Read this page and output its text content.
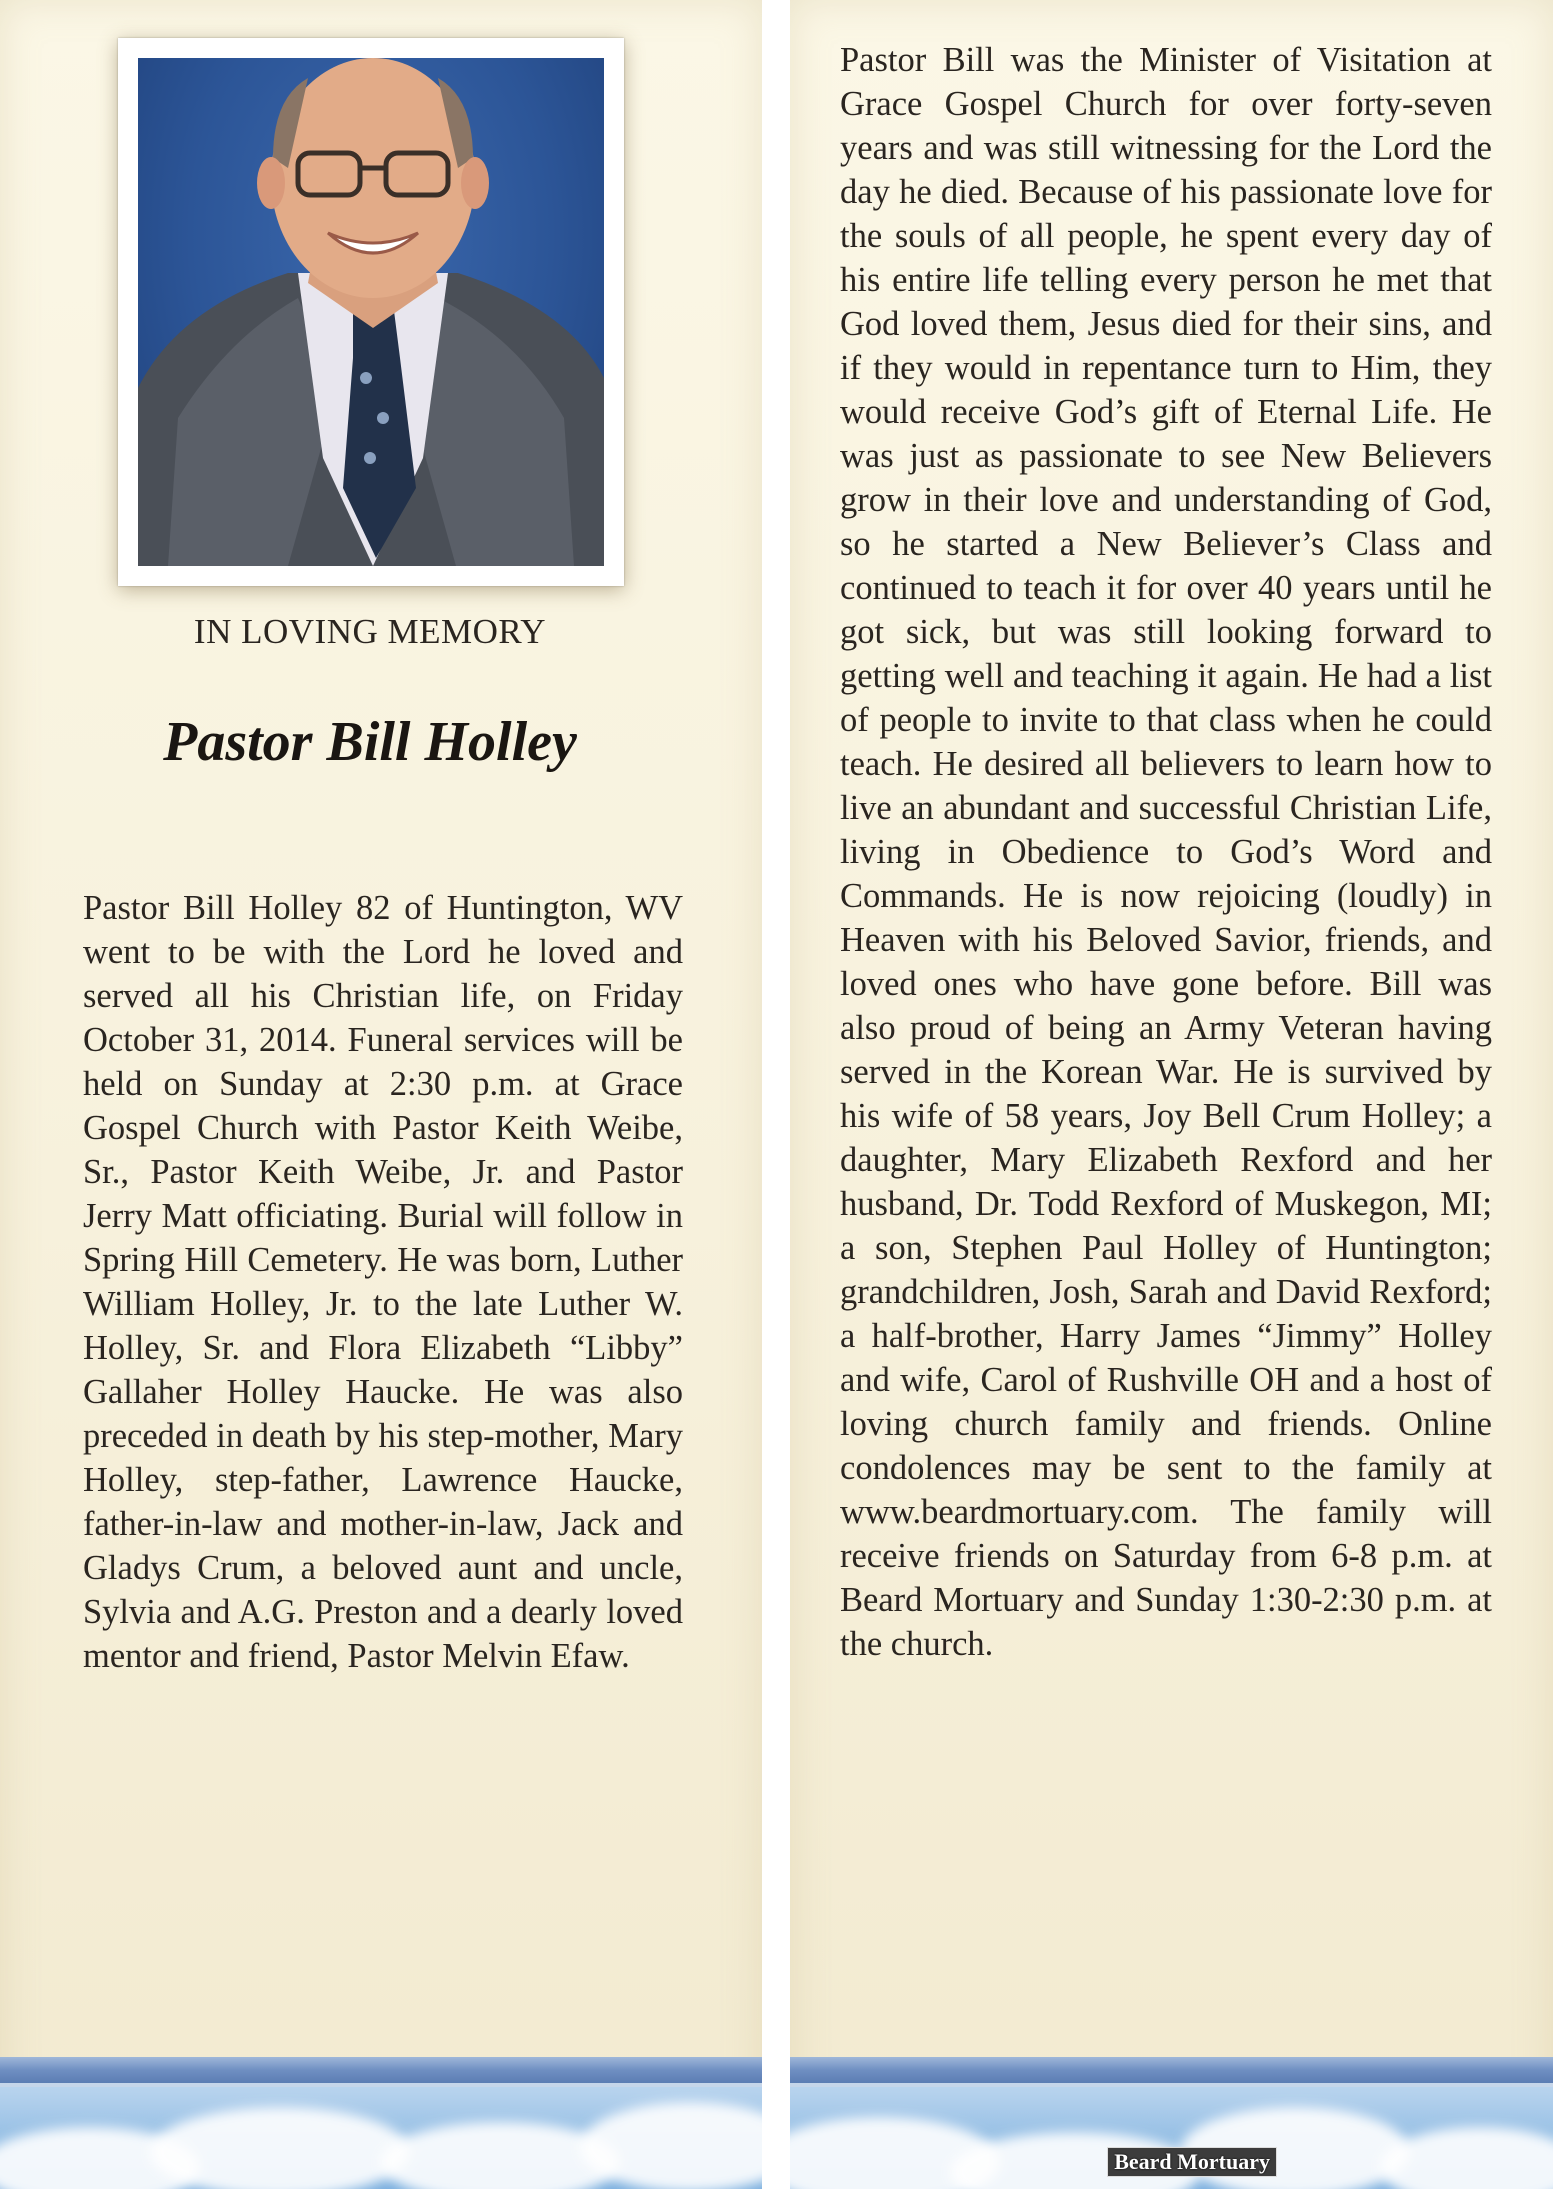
IN LOVING MEMORY
Pastor Bill Holley
Pastor Bill Holley 82 of Huntington, WV went to be with the Lord he loved and served all his Christian life, on Friday October 31, 2014. Funeral services will be held on Sunday at 2:30 p.m. at Grace Gospel Church with Pastor Keith Weibe, Sr., Pastor Keith Weibe, Jr. and Pastor Jerry Matt officiating. Burial will follow in Spring Hill Cemetery. He was born, Luther William Holley, Jr. to the late Luther W. Holley, Sr. and Flora Elizabeth “Libby” Gallaher Holley Haucke. He was also preceded in death by his step-mother, Mary Holley, step-father, Lawrence Haucke, father-in-law and mother-in-law, Jack and Gladys Crum, a beloved aunt and uncle, Sylvia and A.G. Preston and a dearly loved mentor and friend, Pastor Melvin Efaw.
Pastor Bill was the Minister of Visitation at Grace Gospel Church for over forty-seven years and was still witnessing for the Lord the day he died. Because of his passionate love for the souls of all people, he spent every day of his entire life telling every person he met that God loved them, Jesus died for their sins, and if they would in repentance turn to Him, they would receive God’s gift of Eternal Life. He was just as passionate to see New Believers grow in their love and understanding of God, so he started a New Believer’s Class and continued to teach it for over 40 years until he got sick, but was still looking forward to getting well and teaching it again. He had a list of people to invite to that class when he could teach. He desired all believers to learn how to live an abundant and successful Christian Life, living in Obedience to God’s Word and Commands. He is now rejoicing (loudly) in Heaven with his Beloved Savior, friends, and loved ones who have gone before. Bill was also proud of being an Army Veteran having served in the Korean War. He is survived by his wife of 58 years, Joy Bell Crum Holley; a daughter, Mary Elizabeth Rexford and her husband, Dr. Todd Rexford of Muskegon, MI; a son, Stephen Paul Holley of Huntington; grandchildren, Josh, Sarah and David Rexford; a half-brother, Harry James “Jimmy” Holley and wife, Carol of Rushville OH and a host of loving church family and friends. Online condolences may be sent to the family at www.beardmortuary.com. The family will receive friends on Saturday from 6-8 p.m. at Beard Mortuary and Sunday 1:30-2:30 p.m. at the church.
Beard Mortuary
